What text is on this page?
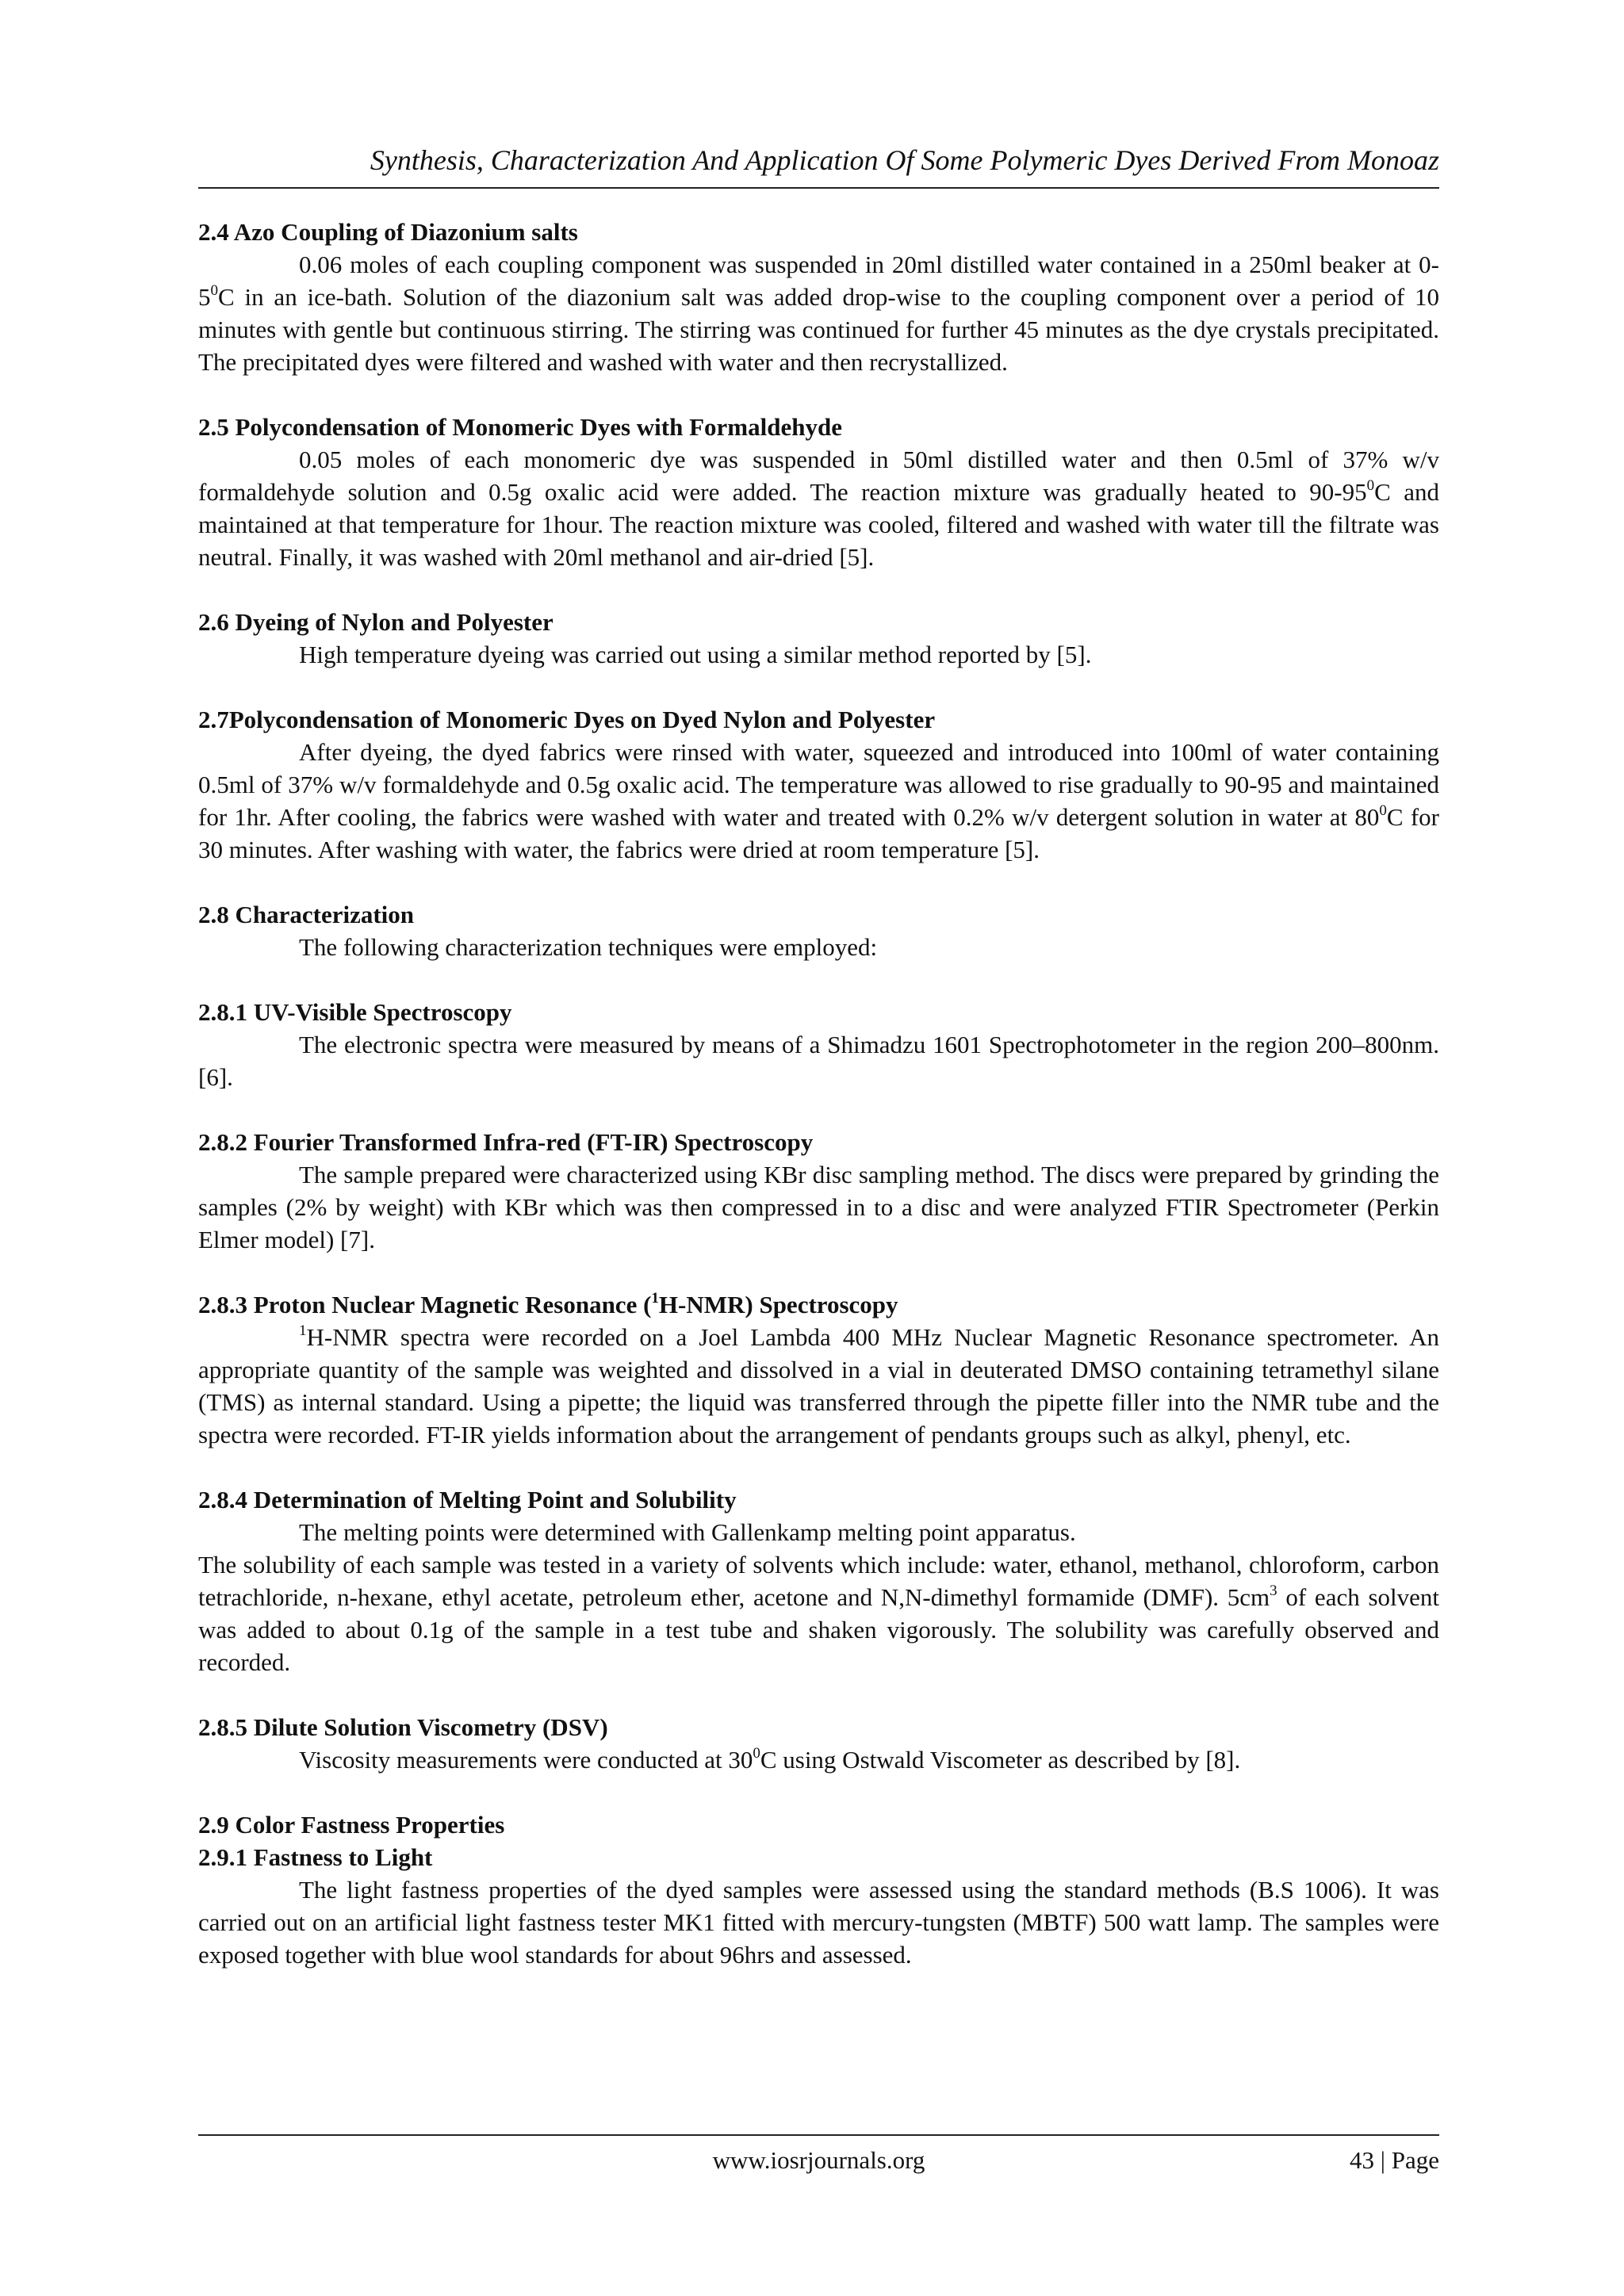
Synthesis, Characterization And Application Of Some Polymeric Dyes Derived From Monoaz
2.4 Azo Coupling of Diazonium salts

0.06 moles of each coupling component was suspended in 20ml distilled water contained in a 250ml beaker at $0-5^0C$ in an ice-bath. Solution of the diazonium salt was added drop-wise to the coupling component over a period of 10 minutes with gentle but continuous stirring. The stirring was continued for further 45 minutes as the dye crystals precipitated. The precipitated dyes were filtered and washed with water and then recrystallized.

2.5 Polycondensation of Monomeric Dyes with Formaldehyde

0.05 moles of each monomeric dye was suspended in 50ml distilled water and then 0.5ml of 37% w/v formaldehyde solution and 0.5g oxalic acid were added. The reaction mixture was gradually heated to $90-95^0C$ and maintained at that temperature for 1hour. The reaction mixture was cooled, filtered and washed with water till the filtrate was neutral. Finally, it was washed with 20ml methanol and air-dried [5].

2.6 Dyeing of Nylon and Polyester

High temperature dyeing was carried out using a similar method reported by [5].

2.7Polycondensation of Monomeric Dyes on Dyed Nylon and Polyester

After dyeing, the dyed fabrics were rinsed with water, squeezed and introduced into 100ml of water containing 0.5ml of 37% w/v formaldehyde and 0.5g oxalic acid. The temperature was allowed to rise gradually to 90-95 and maintained for 1hr. After cooling, the fabrics were washed with water and treated with 0.2% w/v detergent solution in water at $80^0C$ for 30 minutes. After washing with water, the fabrics were dried at room temperature [5].

2.8 Characterization

The following characterization techniques were employed:

2.8.1 UV-Visible Spectroscopy

The electronic spectra were measured by means of a Shimadzu 1601 Spectrophotometer in the region 200–800nm. [6].

2.8.2 Fourier Transformed Infra-red (FT-IR) Spectroscopy

The sample prepared were characterized using KBr disc sampling method. The discs were prepared by grinding the samples (2% by weight) with KBr which was then compressed in to a disc and were analyzed FTIR Spectrometer (Perkin Elmer model) [7].

2.8.3 Proton Nuclear Magnetic Resonance ($^1$H-NMR) Spectroscopy

$^1$H-NMR spectra were recorded on a Joel Lambda 400 MHz Nuclear Magnetic Resonance spectrometer. An appropriate quantity of the sample was weighted and dissolved in a vial in deuterated DMSO containing tetramethyl silane (TMS) as internal standard. Using a pipette; the liquid was transferred through the pipette filler into the NMR tube and the spectra were recorded. FT-IR yields information about the arrangement of pendants groups such as alkyl, phenyl, etc.

2.8.4 Determination of Melting Point and Solubility

The melting points were determined with Gallenkamp melting point apparatus.

The solubility of each sample was tested in a variety of solvents which include: water, ethanol, methanol, chloroform, carbon tetrachloride, n-hexane, ethyl acetate, petroleum ether, acetone and N,N-dimethyl formamide (DMF). $5cm^3$ of each solvent was added to about 0.1g of the sample in a test tube and shaken vigorously. The solubility was carefully observed and recorded.

2.8.5 Dilute Solution Viscometry (DSV)

Viscosity measurements were conducted at $30^0C$ using Ostwald Viscometer as described by [8].

2.9 Color Fastness Properties
2.9.1 Fastness to Light

The light fastness properties of the dyed samples were assessed using the standard methods (B.S 1006). It was carried out on an artificial light fastness tester MK1 fitted with mercury-tungsten (MBTF) 500 watt lamp. The samples were exposed together with blue wool standards for about 96hrs and assessed.

www.iosrjournals.org	43 | Page
